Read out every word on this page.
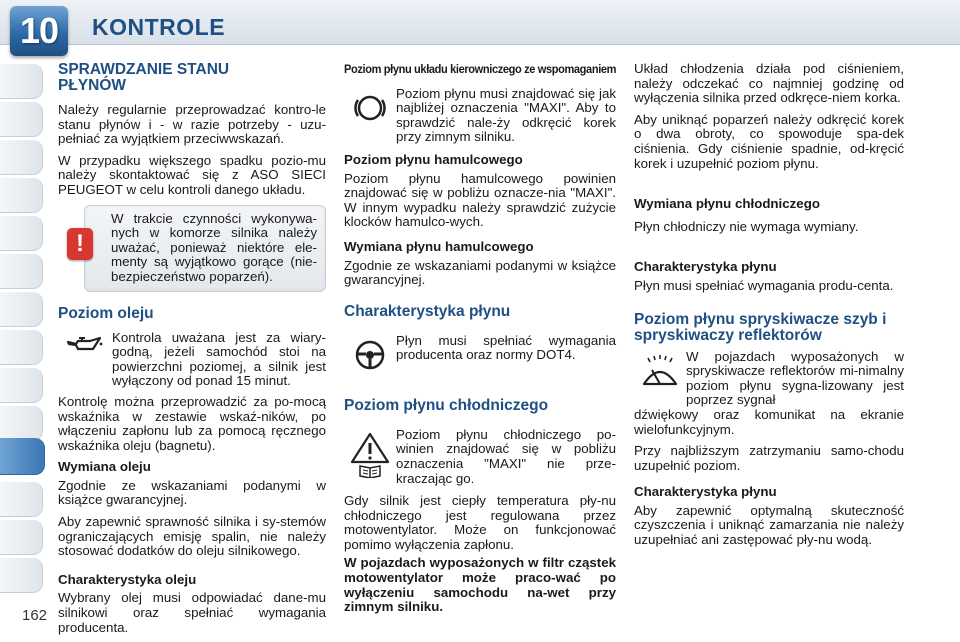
10	KONTROLE
162
SPRAWDZANIE STANU PŁYNÓW

Należy regularnie przeprowadzać kontro-le stanu płynów i - w razie potrzeby - uzu-pełniać za wyjątkiem przeciwwskazań.

W przypadku większego spadku pozio-mu należy skontaktować się z ASO SIECI PEUGEOT w celu kontroli danego układu.

!

W trakcie czynności wykonywa-nych w komorze silnika należy uważać, ponieważ niektóre ele-menty są wyjątkowo gorące (nie-bezpieczeństwo poparzeń).

Poziom oleju

Kontrola uważana jest za wiary-godną, jeżeli samochód stoi na powierzchni poziomej, a silnik jest wyłączony od ponad 15 minut.

Kontrolę można przeprowadzić za po-mocą wskaźnika w zestawie wskaź-ników, po włączeniu zapłonu lub za pomocą ręcznego wskaźnika oleju (bagnetu).

Wymiana oleju

Zgodnie ze wskazaniami podanymi w książce gwarancyjnej.

Aby zapewnić sprawność silnika i sy-stemów ograniczających emisję spalin, nie należy stosować dodatków do oleju silnikowego.

Charakterystyka oleju

Wybrany olej musi odpowiadać dane-mu silnikowi oraz spełniać wymagania producenta.

Poziom płynu układu kierowniczego ze wspomaganiem

Poziom płynu musi znajdować się jak najbliżej oznaczenia "MAXI". Aby to sprawdzić nale-ży odkręcić korek przy zimnym silniku.

Poziom płynu hamulcowego

Poziom płynu hamulcowego powinien znajdować się w pobliżu oznacze-nia "MAXI". W innym wypadku należy sprawdzić zużycie klocków hamulco-wych.

Wymiana płynu hamulcowego

Zgodnie ze wskazaniami podanymi w książce gwarancyjnej.

Charakterystyka płynu

Płyn musi spełniać wymagania producenta oraz normy DOT4.

Poziom płynu chłodniczego

Poziom płynu chłodniczego po-winien znajdować się w pobliżu oznaczenia "MAXI" nie prze-kraczając go.

Gdy silnik jest ciepły temperatura pły-nu chłodniczego jest regulowana przez motowentylator. Może on funkcjonować pomimo wyłączenia zapłonu.

W pojazdach wyposażonych w filtr cząstek motowentylator może praco-wać po wyłączeniu samochodu na-wet przy zimnym silniku.

Układ chłodzenia działa pod ciśnieniem, należy odczekać co najmniej godzinę od wyłączenia silnika przed odkręce-niem korka.

Aby uniknąć poparzeń należy odkręcić korek o dwa obroty, co spowoduje spa-dek ciśnienia. Gdy ciśnienie spadnie, od-kręcić korek i uzupełnić poziom płynu.

Wymiana płynu chłodniczego

Płyn chłodniczy nie wymaga wymiany.

Charakterystyka płynu

Płyn musi spełniać wymagania produ-centa.

Poziom płynu spryskiwacze szyb i spryskiwaczy reflektorów

W pojazdach wyposażonych w spryskiwacze reflektorów mi-nimalny poziom płynu sygna-lizowany jest poprzez sygnał

dźwiękowy oraz komunikat na ekranie wielofunkcyjnym.

Przy najbliższym zatrzymaniu samo-chodu uzupełnić poziom.

Charakterystyka płynu

Aby zapewnić optymalną skuteczność czyszczenia i uniknąć zamarzania nie należy uzupełniać ani zastępować pły-nu wodą.
